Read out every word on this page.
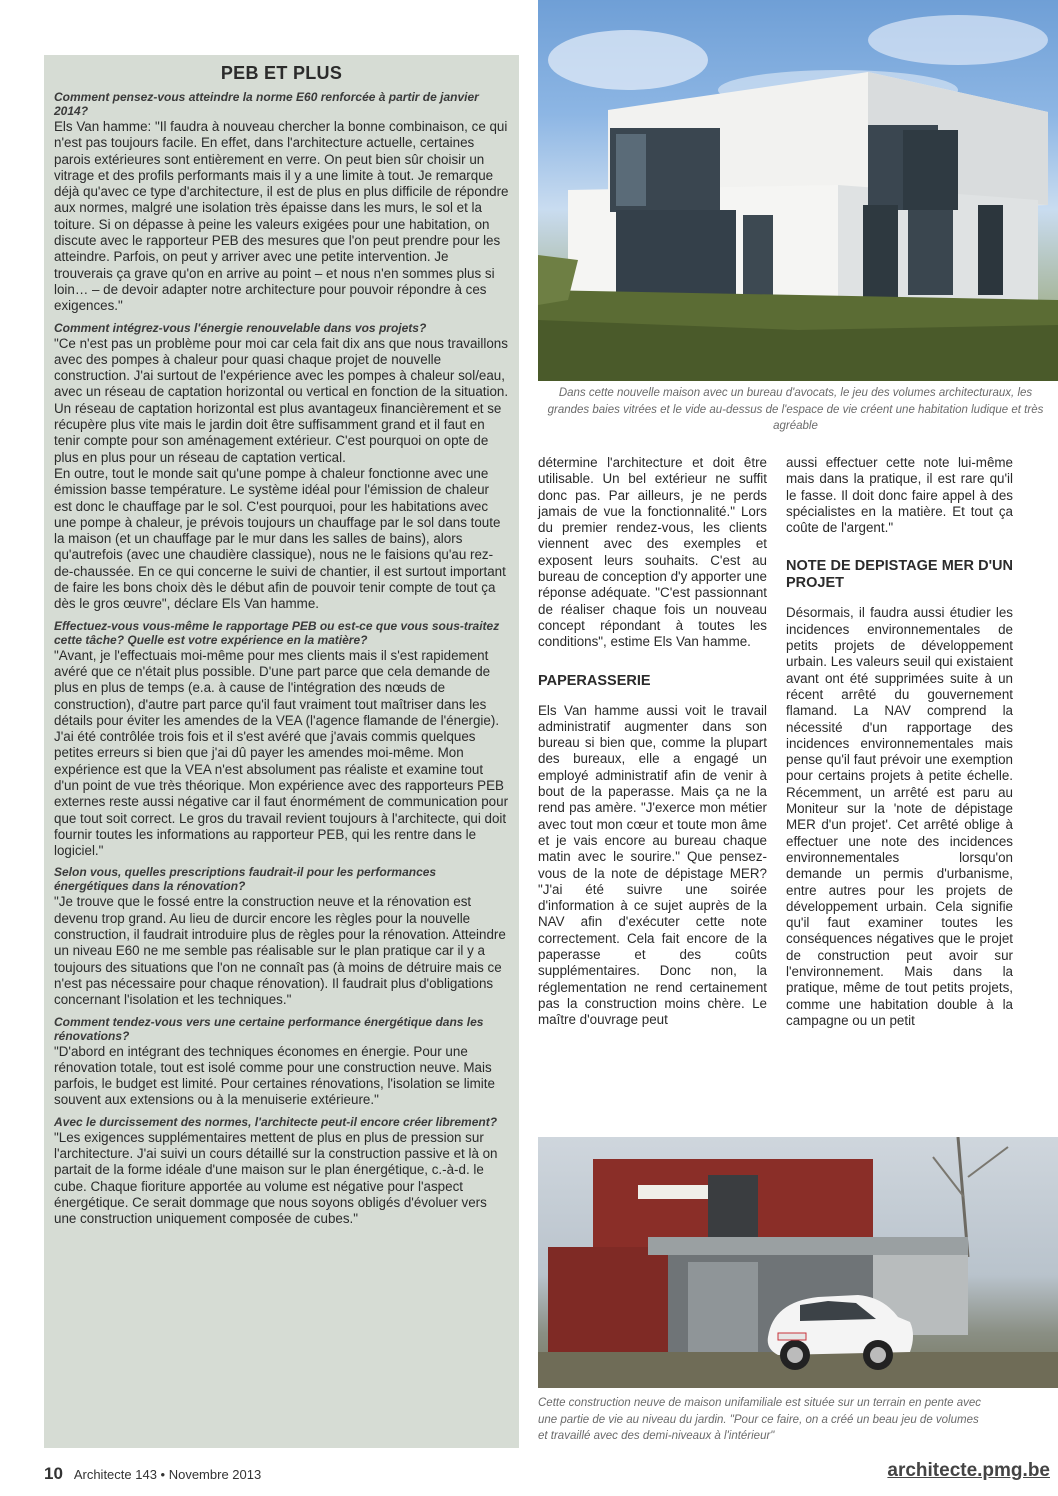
PEB ET PLUS
Comment pensez-vous atteindre la norme E60 renforcée à partir de janvier 2014?

Els Van hamme: "Il faudra à nouveau chercher la bonne combinaison, ce qui n'est pas toujours facile. En effet, dans l'architecture actuelle, certaines parois extérieures sont entièrement en verre. On peut bien sûr choisir un vitrage et des profils performants mais il y a une limite à tout. Je remarque déjà qu'avec ce type d'architecture, il est de plus en plus difficile de répondre aux normes, malgré une isolation très épaisse dans les murs, le sol et la toiture. Si on dépasse à peine les valeurs exigées pour une habitation, on discute avec le rapporteur PEB des mesures que l'on peut prendre pour les atteindre. Parfois, on peut y arriver avec une petite intervention. Je trouverais ça grave qu'on en arrive au point – et nous n'en sommes plus si loin… – de devoir adapter notre architecture pour pouvoir répondre à ces exigences."

Comment intégrez-vous l'énergie renouvelable dans vos projets?

"Ce n'est pas un problème pour moi car cela fait dix ans que nous travaillons avec des pompes à chaleur pour quasi chaque projet de nouvelle construction. J'ai surtout de l'expérience avec les pompes à chaleur sol/eau, avec un réseau de captation horizontal ou vertical en fonction de la situation. Un réseau de captation horizontal est plus avantageux financièrement et se récupère plus vite mais le jardin doit être suffisamment grand et il faut en tenir compte pour son aménagement extérieur. C'est pourquoi on opte de plus en plus pour un réseau de captation vertical.

En outre, tout le monde sait qu'une pompe à chaleur fonctionne avec une émission basse température. Le système idéal pour l'émission de chaleur est donc le chauffage par le sol. C'est pourquoi, pour les habitations avec une pompe à chaleur, je prévois toujours un chauffage par le sol dans toute la maison (et un chauffage par le mur dans les salles de bains), alors qu'autrefois (avec une chaudière classique), nous ne le faisions qu'au rez-de-chaussée. En ce qui concerne le suivi de chantier, il est surtout important de faire les bons choix dès le début afin de pouvoir tenir compte de tout ça dès le gros œuvre", déclare Els Van hamme.

Effectuez-vous vous-même le rapportage PEB ou est-ce que vous sous-traitez cette tâche? Quelle est votre expérience en la matière?

"Avant, je l'effectuais moi-même pour mes clients mais il s'est rapidement avéré que ce n'était plus possible. D'une part parce que cela demande de plus en plus de temps (e.a. à cause de l'intégration des nœuds de construction), d'autre part parce qu'il faut vraiment tout maîtriser dans les détails pour éviter les amendes de la VEA (l'agence flamande de l'énergie). J'ai été contrôlée trois fois et il s'est avéré que j'avais commis quelques petites erreurs si bien que j'ai dû payer les amendes moi-même. Mon expérience est que la VEA n'est absolument pas réaliste et examine tout d'un point de vue très théorique. Mon expérience avec des rapporteurs PEB externes reste aussi négative car il faut énormément de communication pour que tout soit correct. Le gros du travail revient toujours à l'architecte, qui doit fournir toutes les informations au rapporteur PEB, qui les rentre dans le logiciel."

Selon vous, quelles prescriptions faudrait-il pour les performances énergétiques dans la rénovation?

"Je trouve que le fossé entre la construction neuve et la rénovation est devenu trop grand. Au lieu de durcir encore les règles pour la nouvelle construction, il faudrait introduire plus de règles pour la rénovation. Atteindre un niveau E60 ne me semble pas réalisable sur le plan pratique car il y a toujours des situations que l'on ne connaît pas (à moins de détruire mais ce n'est pas nécessaire pour chaque rénovation). Il faudrait plus d'obligations concernant l'isolation et les techniques."

Comment tendez-vous vers une certaine performance énergétique dans les rénovations?

"D'abord en intégrant des techniques économes en énergie. Pour une rénovation totale, tout est isolé comme pour une construction neuve. Mais parfois, le budget est limité. Pour certaines rénovations, l'isolation se limite souvent aux extensions ou à la menuiserie extérieure."

Avec le durcissement des normes, l'architecte peut-il encore créer librement?

"Les exigences supplémentaires mettent de plus en plus de pression sur l'architecture. J'ai suivi un cours détaillé sur la construction passive et là on partait de la forme idéale d'une maison sur le plan énergétique, c.-à-d. le cube. Chaque fioriture apportée au volume est négative pour l'aspect énergétique. Ce serait dommage que nous soyons obligés d'évoluer vers une construction uniquement composée de cubes."

Dans cette nouvelle maison avec un bureau d'avocats, le jeu des volumes architecturaux, les grandes baies vitrées et le vide au-dessus de l'espace de vie créent une habitation ludique et très agréable

détermine l'architecture et doit être utilisable. Un bel extérieur ne suffit donc pas. Par ailleurs, je ne perds jamais de vue la fonctionnalité." Lors du premier rendez-vous, les clients viennent avec des exemples et exposent leurs souhaits. C'est au bureau de conception d'y apporter une réponse adéquate. "C'est passionnant de réaliser chaque fois un nouveau concept répondant à toutes les conditions", estime Els Van hamme.

PAPERASSERIE

Els Van hamme aussi voit le travail administratif augmenter dans son bureau si bien que, comme la plupart des bureaux, elle a engagé un employé administratif afin de venir à bout de la paperasse. Mais ça ne la rend pas amère. "J'exerce mon métier avec tout mon cœur et toute mon âme et je vais encore au bureau chaque matin avec le sourire." Que pensez-vous de la note de dépistage MER? "J'ai été suivre une soirée d'information à ce sujet auprès de la NAV afin d'exécuter cette note correctement. Cela fait encore de la paperasse et des coûts supplémentaires. Donc non, la réglementation ne rend certainement pas la construction moins chère. Le maître d'ouvrage peut

aussi effectuer cette note lui-même mais dans la pratique, il est rare qu'il le fasse. Il doit donc faire appel à des spécialistes en la matière. Et tout ça coûte de l'argent."

NOTE DE DEPISTAGE MER D'UN PROJET

Désormais, il faudra aussi étudier les incidences environnementales de petits projets de développement urbain. Les valeurs seuil qui existaient avant ont été supprimées suite à un récent arrêté du gouvernement flamand. La NAV comprend la nécessité d'un rapportage des incidences environnementales mais pense qu'il faut prévoir une exemption pour certains projets à petite échelle. Récemment, un arrêté est paru au Moniteur sur la 'note de dépistage MER d'un projet'. Cet arrêté oblige à effectuer une note des incidences environnementales lorsqu'on demande un permis d'urbanisme, entre autres pour les projets de développement urbain. Cela signifie qu'il faut examiner toutes les conséquences négatives que le projet de construction peut avoir sur l'environnement. Mais dans la pratique, même de tout petits projets, comme une habitation double à la campagne ou un petit

Cette construction neuve de maison unifamiliale est située sur un terrain en pente avec une partie de vie au niveau du jardin. "Pour ce faire, on a créé un beau jeu de volumes et travaillé avec des demi-niveaux à l'intérieur"
10 Architecte 143 • Novembre 2013	architecte.pmg.be
